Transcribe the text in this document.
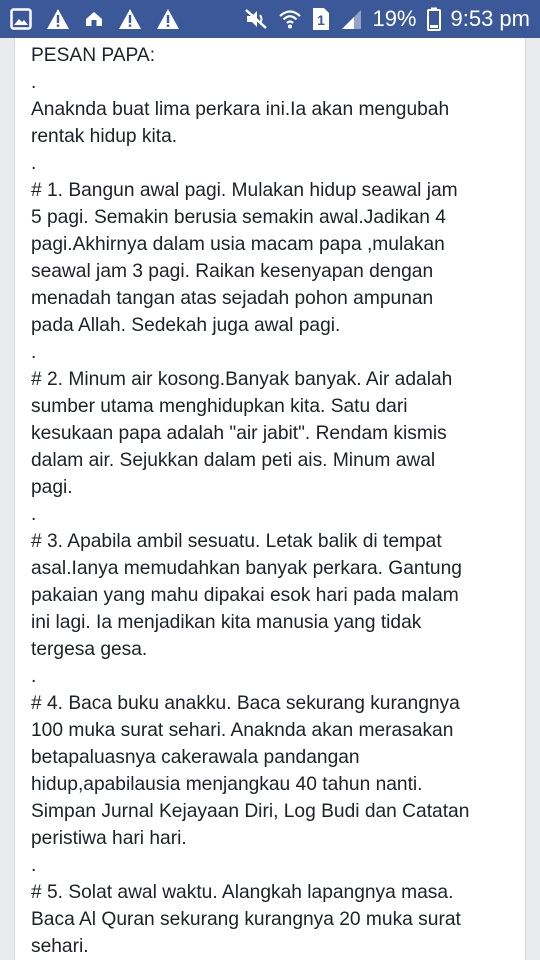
1 19% 9:53 pm
PESAN PAPA:
.
Anaknda buat lima perkara ini.Ia akan mengubah
rentak hidup kita.
.
# 1. Bangun awal pagi. Mulakan hidup seawal jam
5 pagi. Semakin berusia semakin awal.Jadikan 4
pagi.Akhirnya dalam usia macam papa ,mulakan
seawal jam 3 pagi. Raikan kesenyapan dengan
menadah tangan atas sejadah pohon ampunan
pada Allah. Sedekah juga awal pagi.
.
# 2. Minum air kosong.Banyak banyak. Air adalah
sumber utama menghidupkan kita. Satu dari
kesukaan papa adalah "air jabit". Rendam kismis
dalam air. Sejukkan dalam peti ais. Minum awal
pagi.
.
# 3. Apabila ambil sesuatu. Letak balik di tempat
asal.Ianya memudahkan banyak perkara. Gantung
pakaian yang mahu dipakai esok hari pada malam
ini lagi. Ia menjadikan kita manusia yang tidak
tergesa gesa.
.
# 4. Baca buku anakku. Baca sekurang kurangnya
100 muka surat sehari. Anaknda akan merasakan
betapaluasnya cakerawala pandangan
hidup,apabilausia menjangkau 40 tahun nanti.
Simpan Jurnal Kejayaan Diri, Log Budi dan Catatan
peristiwa hari hari.
.
# 5. Solat awal waktu. Alangkah lapangnya masa.
Baca Al Quran sekurang kurangnya 20 muka surat
sehari.
